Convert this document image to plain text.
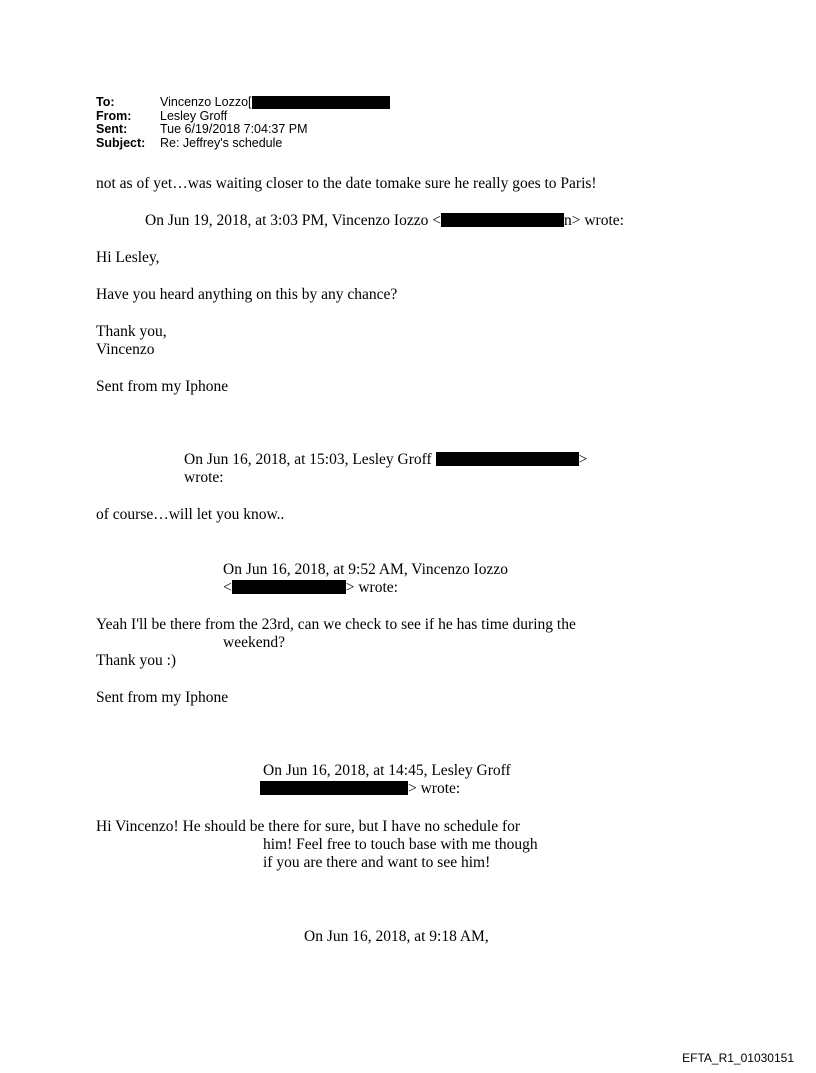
To:	Vincenzo Lozzo[
From:	Lesley Groff
Sent:	Tue 6/19/2018 7:04:37 PM
Subject:	Re: Jeffrey's schedule
not as of yet…was waiting closer to the date tomake sure he really goes to Paris!
On Jun 19, 2018, at 3:03 PM, Vincenzo Iozzo <	n> wrote:
Hi Lesley,
Have you heard anything on this by any chance?
Thank you,
Vincenzo
Sent from my Iphone
On Jun 16, 2018, at 15:03, Lesley Groff	>
wrote:
of course…will let you know..
On Jun 16, 2018, at 9:52 AM, Vincenzo Iozzo
<	> wrote:
Yeah I'll be there from the 23rd, can we check to see if he has time during the
weekend?
Thank you :)
Sent from my Iphone
On Jun 16, 2018, at 14:45, Lesley Groff
> wrote:
Hi Vincenzo! He should be there for sure, but I have no schedule for
him! Feel free to touch base with me though
if you are there and want to see him!
On Jun 16, 2018, at 9:18 AM,
EFTA_R1_01030151
